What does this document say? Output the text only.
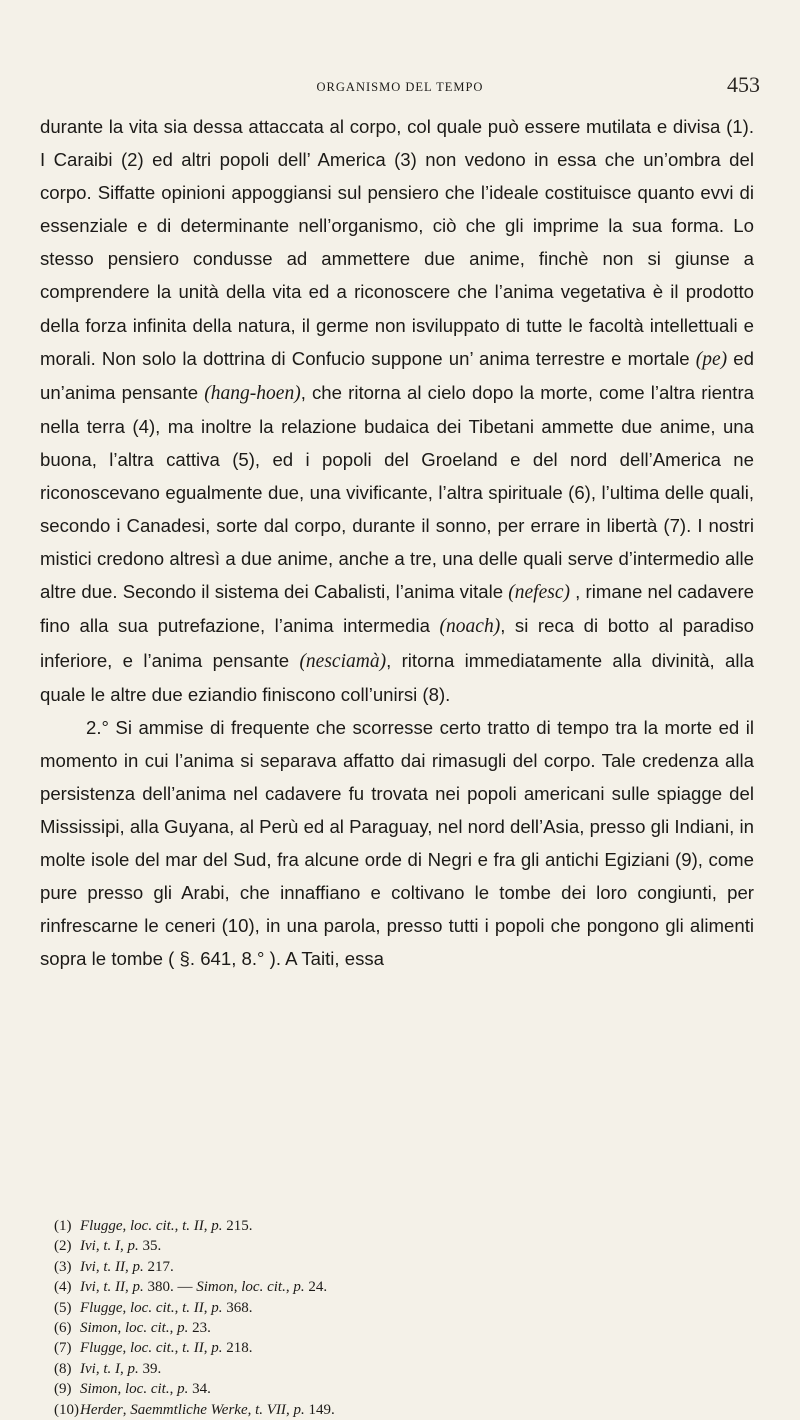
ORGANISMO DEL TEMPO	453

durante la vita sia dessa attaccata al corpo, col quale può essere mutilata e divisa (1). I Caraibi (2) ed altri popoli dell’ America (3) non vedono in essa che un’ombra del corpo. Siffatte opinioni appoggiansi sul pensiero che l’ideale costituisce quanto evvi di essenziale e di determinante nell’organismo, ciò che gli imprime la sua forma. Lo stesso pensiero condusse ad ammettere due anime, finchè non si giunse a comprendere la unità della vita ed a riconoscere che l’anima vegetativa è il prodotto della forza infinita della natura, il germe non isviluppato di tutte le facoltà intellettuali e morali. Non solo la dottrina di Confucio suppone un’ anima terrestre e mortale (pe) ed un’anima pensante (hang-hoen), che ritorna al cielo dopo la morte, come l’altra rientra nella terra (4), ma inoltre la relazione budaica dei Tibetani ammette due anime, una buona, l’altra cattiva (5), ed i popoli del Groeland e del nord dell’America ne riconoscevano egualmente due, una vivificante, l’altra spirituale (6), l’ultima delle quali, secondo i Canadesi, sorte dal corpo, durante il sonno, per errare in libertà (7). I nostri mistici credono altresì a due anime, anche a tre, una delle quali serve d’intermedio alle altre due. Secondo il sistema dei Cabalisti, l’anima vitale (nefesc) , rimane nel cadavere fino alla sua putrefazione, l’anima intermedia (noach), si reca di botto al paradiso inferiore, e l’anima pensante (nesciamà), ritorna immediatamente alla divinità, alla quale le altre due eziandio finiscono coll’unirsi (8).

2.° Si ammise di frequente che scorresse certo tratto di tempo tra la morte ed il momento in cui l’anima si separava affatto dai rimasugli del corpo. Tale credenza alla persistenza dell’anima nel cadavere fu trovata nei popoli americani sulle spiagge del Mississipi, alla Guyana, al Perù ed al Paraguay, nel nord dell’Asia, presso gli Indiani, in molte isole del mar del Sud, fra alcune orde di Negri e fra gli antichi Egiziani (9), come pure presso gli Arabi, che innaffiano e coltivano le tombe dei loro congiunti, per rinfrescarne le ceneri (10), in una parola, presso tutti i popoli che pongono gli alimenti sopra le tombe ( §. 641, 8.° ). A Taiti, essa

(1) Flugge, loc. cit., t. II, p. 215.
(2) Ivi, t. I, p. 35.
(3) Ivi, t. II, p. 217.
(4) Ivi, t. II, p. 380. — Simon, loc. cit., p. 24.
(5) Flugge, loc. cit., t. II, p. 368.
(6) Simon, loc. cit., p. 23.
(7) Flugge, loc. cit., t. II, p. 218.
(8) Ivi, t. I, p. 39.
(9) Simon, loc. cit., p. 34.
(10)Herder, Saemmtliche Werke, t. VII, p. 149.
